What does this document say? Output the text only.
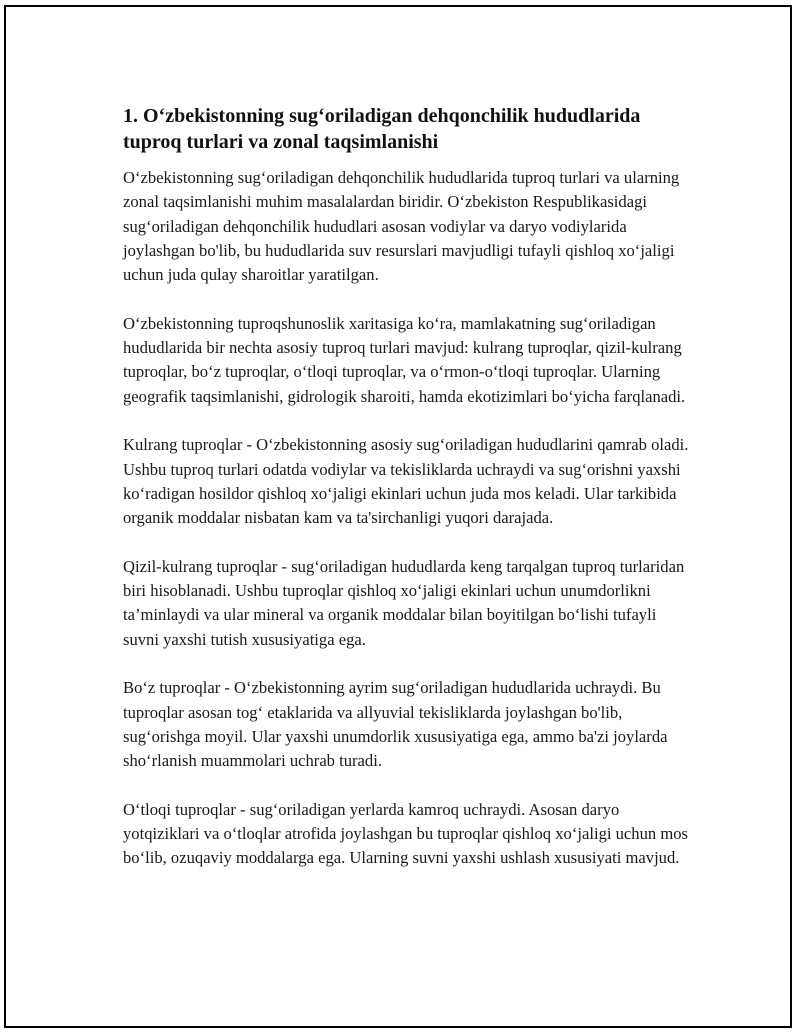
1. O‘zbekistonning sug‘oriladigan dehqonchilik hududlarida tuproq turlari va zonal taqsimlanishi

O‘zbekistonning sug‘oriladigan dehqonchilik hududlarida tuproq turlari va ularning zonal taqsimlanishi muhim masalalardan biridir. O‘zbekiston Respublikasidagi sug‘oriladigan dehqonchilik hududlari asosan vodiylar va daryo vodiylarida joylashgan bo'lib, bu hududlarida suv resurslari mavjudligi tufayli qishloq xo‘jaligi uchun juda qulay sharoitlar yaratilgan.

O‘zbekistonning tuproqshunoslik xaritasiga ko‘ra, mamlakatning sug‘oriladigan hududlarida bir nechta asosiy tuproq turlari mavjud: kulrang tuproqlar, qizil-kulrang tuproqlar, bo‘z tuproqlar, o‘tloqi tuproqlar, va o‘rmon-o‘tloqi tuproqlar. Ularning geografik taqsimlanishi, gidrologik sharoiti, hamda ekotizimlari bo‘yicha farqlanadi.

Kulrang tuproqlar - O‘zbekistonning asosiy sug‘oriladigan hududlarini qamrab oladi. Ushbu tuproq turlari odatda vodiylar va tekisliklarda uchraydi va sug‘orishni yaxshi ko‘radigan hosildor qishloq xo‘jaligi ekinlari uchun juda mos keladi. Ular tarkibida organik moddalar nisbatan kam va ta'sirchanligi yuqori darajada.

Qizil-kulrang tuproqlar - sug‘oriladigan hududlarda keng tarqalgan tuproq turlaridan biri hisoblanadi. Ushbu tuproqlar qishloq xo‘jaligi ekinlari uchun unumdorlikni ta’minlaydi va ular mineral va organik moddalar bilan boyitilgan bo‘lishi tufayli suvni yaxshi tutish xususiyatiga ega.

Bo‘z tuproqlar - O‘zbekistonning ayrim sug‘oriladigan hududlarida uchraydi. Bu tuproqlar asosan tog‘ etaklarida va allyuvial tekisliklarda joylashgan bo'lib, sug‘orishga moyil. Ular yaxshi unumdorlik xususiyatiga ega, ammo ba'zi joylarda sho‘rlanish muammolari uchrab turadi.

O‘tloqi tuproqlar - sug‘oriladigan yerlarda kamroq uchraydi. Asosan daryo yotqiziklari va o‘tloqlar atrofida joylashgan bu tuproqlar qishloq xo‘jaligi uchun mos bo‘lib, ozuqaviy moddalarga ega. Ularning suvni yaxshi ushlash xususiyati mavjud.
